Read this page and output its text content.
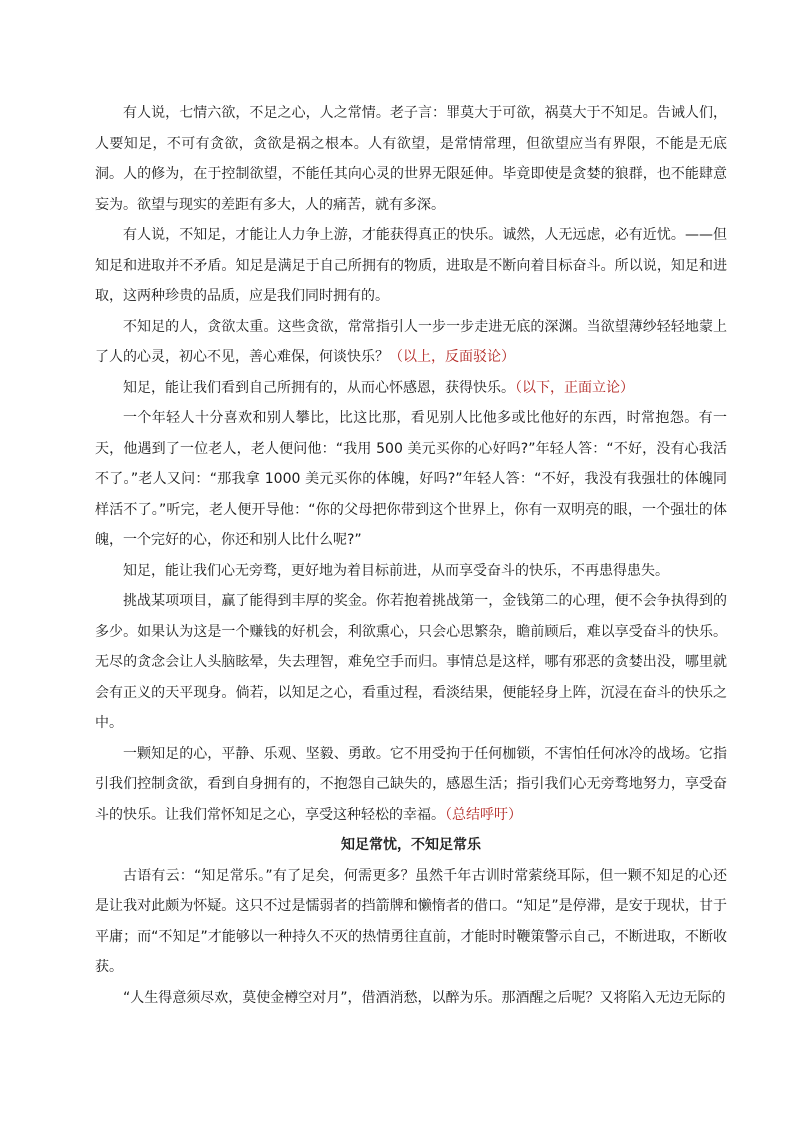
有人说，七情六欲，不足之心，人之常情。老子言：罪莫大于可欲，祸莫大于不知足。告诫人们，人要知足，不可有贪欲，贪欲是祸之根本。人有欲望，是常情常理，但欲望应当有界限，不能是无底洞。人的修为，在于控制欲望，不能任其向心灵的世界无限延伸。毕竟即使是贪婪的狼群，也不能肆意妄为。欲望与现实的差距有多大，人的痛苦，就有多深。

有人说，不知足，才能让人力争上游，才能获得真正的快乐。诚然，人无远虑，必有近忧。——但知足和进取并不矛盾。知足是满足于自己所拥有的物质，进取是不断向着目标奋斗。所以说，知足和进取，这两种珍贵的品质，应是我们同时拥有的。

不知足的人，贪欲太重。这些贪欲，常常指引人一步一步走进无底的深渊。当欲望薄纱轻轻地蒙上了人的心灵，初心不见，善心难保，何谈快乐？（以上，反面驳论）

知足，能让我们看到自己所拥有的，从而心怀感恩，获得快乐。（以下，正面立论）

一个年轻人十分喜欢和别人攀比，比这比那，看见别人比他多或比他好的东西，时常抱怨。有一天，他遇到了一位老人，老人便问他：“我用 500 美元买你的心好吗?”年轻人答：“不好，没有心我活不了。”老人又问：“那我拿 1000 美元买你的体魄，好吗?”年轻人答：“不好，我没有我强壮的体魄同样活不了。”听完，老人便开导他：“你的父母把你带到这个世界上，你有一双明亮的眼，一个强壮的体魄，一个完好的心，你还和别人比什么呢?”

知足，能让我们心无旁骛，更好地为着目标前进，从而享受奋斗的快乐，不再患得患失。

挑战某项项目，赢了能得到丰厚的奖金。你若抱着挑战第一，金钱第二的心理，便不会争执得到的多少。如果认为这是一个赚钱的好机会，利欲熏心，只会心思繁杂，瞻前顾后，难以享受奋斗的快乐。无尽的贪念会让人头脑眩晕，失去理智，难免空手而归。事情总是这样，哪有邪恶的贪婪出没，哪里就会有正义的天平现身。倘若，以知足之心，看重过程，看淡结果，便能轻身上阵，沉浸在奋斗的快乐之中。

一颗知足的心，平静、乐观、坚毅、勇敢。它不用受拘于任何枷锁，不害怕任何冰冷的战场。它指引我们控制贪欲，看到自身拥有的，不抱怨自己缺失的，感恩生活；指引我们心无旁骛地努力，享受奋斗的快乐。让我们常怀知足之心，享受这种轻松的幸福。（总结呼吁）

知足常忧，不知足常乐

古语有云：“知足常乐。”有了足矣，何需更多？虽然千年古训时常萦绕耳际，但一颗不知足的心还是让我对此颇为怀疑。这只不过是懦弱者的挡箭牌和懒惰者的借口。“知足”是停滞，是安于现状，甘于平庸；而“不知足”才能够以一种持久不灭的热情勇往直前，才能时时鞭策警示自己，不断进取，不断收获。

“人生得意须尽欢，莫使金樽空对月”，借酒消愁，以醉为乐。那酒醒之后呢？又将陷入无边无际的
